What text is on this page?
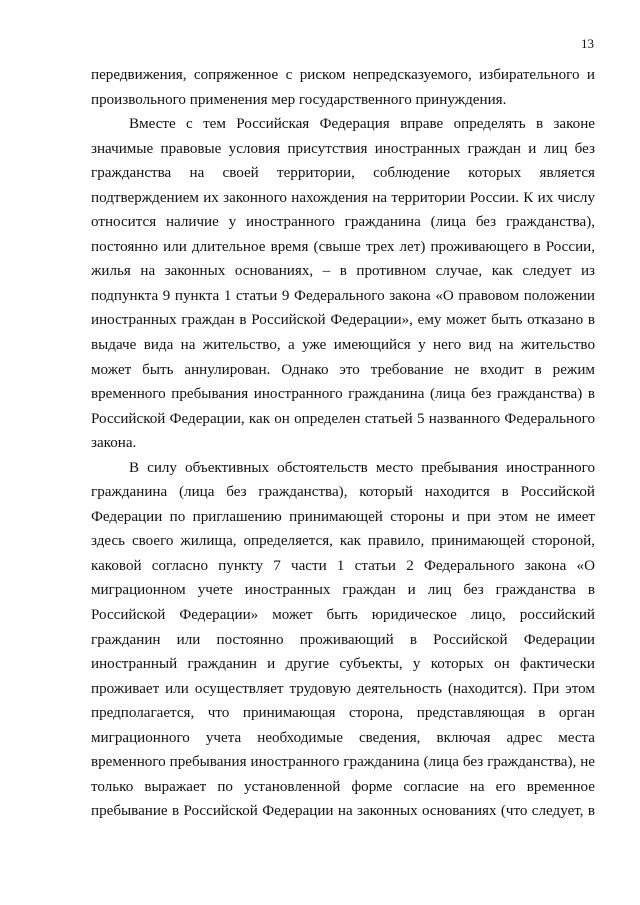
13

передвижения, сопряженное с риском непредсказуемого, избирательного и
произвольного применения мер государственного принуждения.

Вместе с тем Российская Федерация вправе определять в законе
значимые правовые условия присутствия иностранных граждан и лиц без
гражданства на своей территории, соблюдение которых является
подтверждением их законного нахождения на территории России. К их числу
относится наличие у иностранного гражданина (лица без гражданства),
постоянно или длительное время (свыше трех лет) проживающего в России,
жилья на законных основаниях, – в противном случае, как следует из
подпункта 9 пункта 1 статьи 9 Федерального закона «О правовом положении
иностранных граждан в Российской Федерации», ему может быть отказано в
выдаче вида на жительство, а уже имеющийся у него вид на жительство
может быть аннулирован. Однако это требование не входит в режим
временного пребывания иностранного гражданина (лица без гражданства) в
Российской Федерации, как он определен статьей 5 названного Федерального
закона.

В силу объективных обстоятельств место пребывания иностранного
гражданина (лица без гражданства), который находится в Российской
Федерации по приглашению принимающей стороны и при этом не имеет
здесь своего жилища, определяется, как правило, принимающей стороной,
каковой согласно пункту 7 части 1 статьи 2 Федерального закона «О
миграционном учете иностранных граждан и лиц без гражданства в
Российской Федерации» может быть юридическое лицо, российский
гражданин или постоянно проживающий в Российской Федерации
иностранный гражданин и другие субъекты, у которых он фактически
проживает или осуществляет трудовую деятельность (находится). При этом
предполагается, что принимающая сторона, представляющая в орган
миграционного учета необходимые сведения, включая адрес места
временного пребывания иностранного гражданина (лица без гражданства), не
только выражает по установленной форме согласие на его временное
пребывание в Российской Федерации на законных основаниях (что следует, в
